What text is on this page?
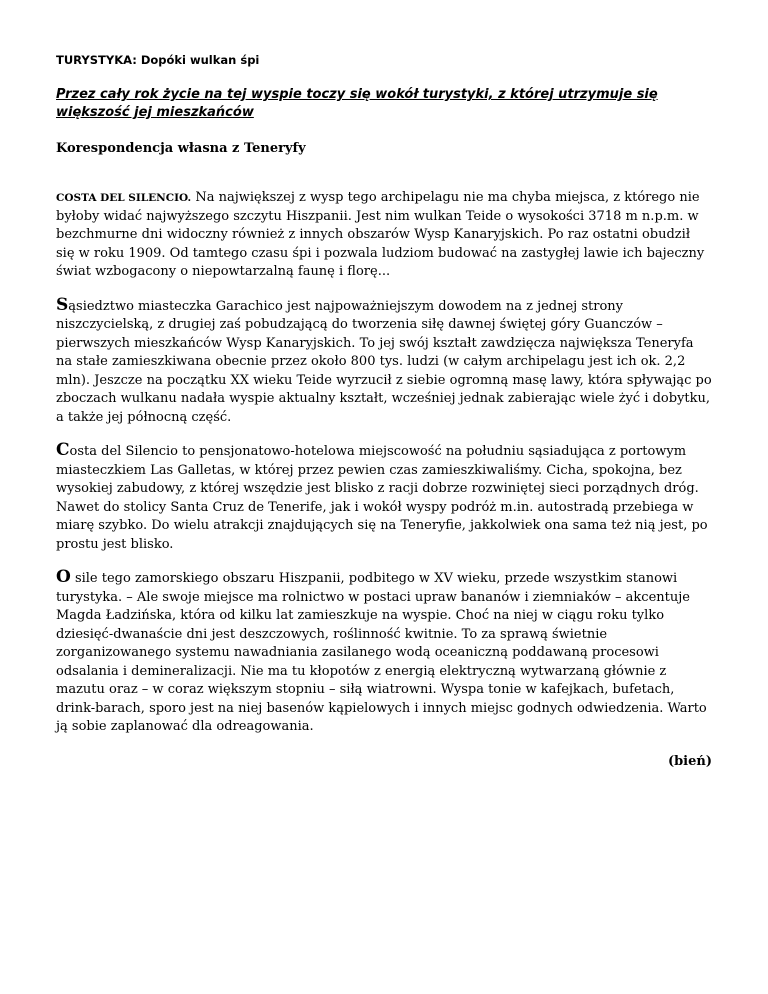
TURYSTYKA: Dopóki wulkan śpi
Przez cały rok życie na tej wyspie toczy się wokół turystyki, z której utrzymuje się większość jej mieszkańców
Korespondencja własna z Teneryfy

COSTA DEL SILENCIO. Na największej z wysp tego archipelagu nie ma chyba miejsca, z którego nie byłoby widać najwyższego szczytu Hiszpanii. Jest nim wulkan Teide o wysokości 3718 m n.p.m. w bezchmurne dni widoczny również z innych obszarów Wysp Kanaryjskich. Po raz ostatni obudził się w roku 1909. Od tamtego czasu śpi i pozwala ludziom budować na zastygłej lawie ich bajeczny świat wzbogacony o niepowtarzalną faunę i florę...

Sąsiedztwo miasteczka Garachico jest najpoważniejszym dowodem na z jednej strony niszczycielską, z drugiej zaś pobudzającą do tworzenia siłę dawnej świętej góry Guanczów – pierwszych mieszkańców Wysp Kanaryjskich. To jej swój kształt zawdzięcza największa Teneryfa na stałe zamieszkiwana obecnie przez około 800 tys. ludzi (w całym archipelagu jest ich ok. 2,2 mln). Jeszcze na początku XX wieku Teide wyrzucił z siebie ogromną masę lawy, która spływając po zboczach wulkanu nadała wyspie aktualny kształt, wcześniej jednak zabierając wiele żyć i dobytku, a także jej północną część.

Costa del Silencio to pensjonatowo-hotelowa miejscowość na południu sąsiadująca z portowym miasteczkiem Las Galletas, w której przez pewien czas zamieszkiwaliśmy. Cicha, spokojna, bez wysokiej zabudowy, z której wszędzie jest blisko z racji dobrze rozwiniętej sieci porządnych dróg. Nawet do stolicy Santa Cruz de Tenerife, jak i wokół wyspy podróż m.in. autostradą przebiega w miarę szybko. Do wielu atrakcji znajdujących się na Teneryfie, jakkolwiek ona sama też nią jest, po prostu jest blisko.

O sile tego zamorskiego obszaru Hiszpanii, podbitego w XV wieku, przede wszystkim stanowi turystyka. – Ale swoje miejsce ma rolnictwo w postaci upraw bananów i ziemniaków – akcentuje Magda Ładzińska, która od kilku lat zamieszkuje na wyspie. Choć na niej w ciągu roku tylko dziesięć-dwanaście dni jest deszczowych, roślinność kwitnie. To za sprawą świetnie zorganizowanego systemu nawadniania zasilanego wodą oceaniczną poddawaną procesowi odsalania i demineralizacji. Nie ma tu kłopotów z energią elektryczną wytwarzaną głównie z mazutu oraz – w coraz większym stopniu – siłą wiatrowni. Wyspa tonie w kafejkach, bufetach, drink-barach, sporo jest na niej basenów kąpielowych i innych miejsc godnych odwiedzenia. Warto ją sobie zaplanować dla odreagowania.

(bień)
